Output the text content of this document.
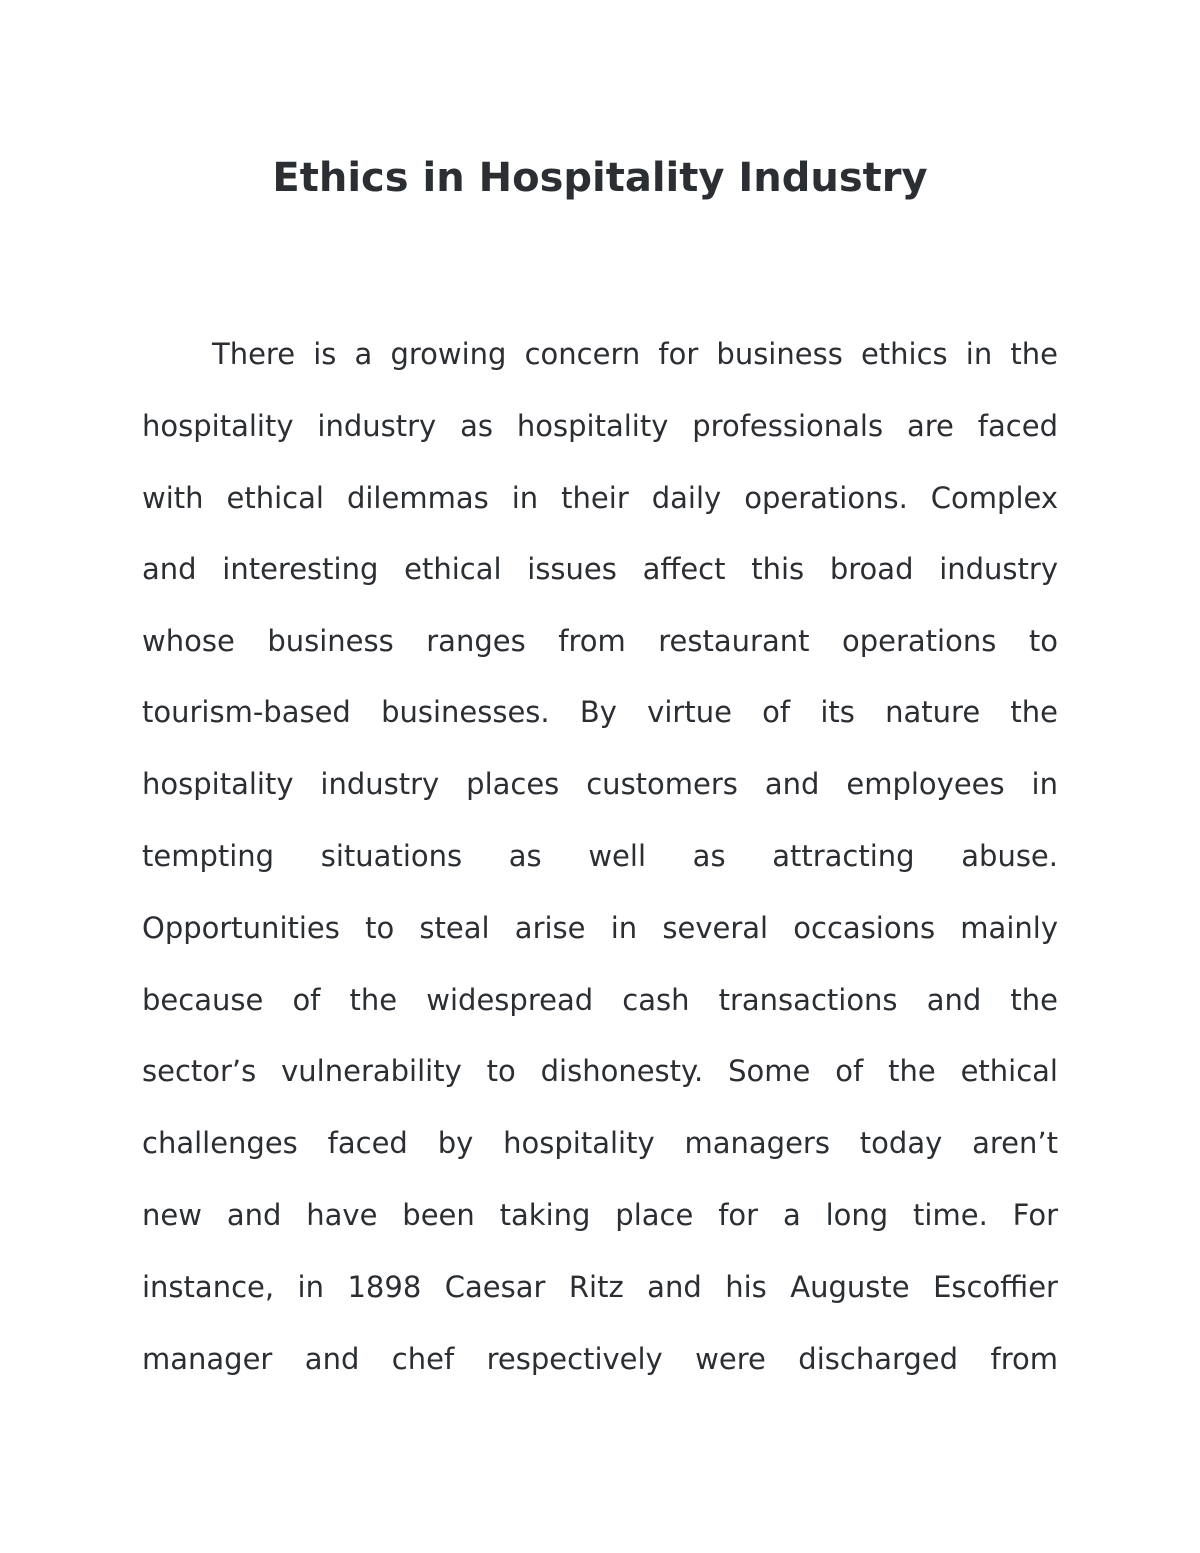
Ethics in Hospitality Industry

There is a growing concern for business ethics in the

hospitality industry as hospitality professionals are faced

with ethical dilemmas in their daily operations. Complex

and interesting ethical issues affect this broad industry

whose business ranges from restaurant operations to

tourism-based businesses. By virtue of its nature the

hospitality industry places customers and employees in

tempting situations as well as attracting abuse.

Opportunities to steal arise in several occasions mainly

because of the widespread cash transactions and the

sector’s vulnerability to dishonesty. Some of the ethical

challenges faced by hospitality managers today aren’t

new and have been taking place for a long time. For

instance, in 1898 Caesar Ritz and his Auguste Escoffier

manager and chef respectively were discharged from
